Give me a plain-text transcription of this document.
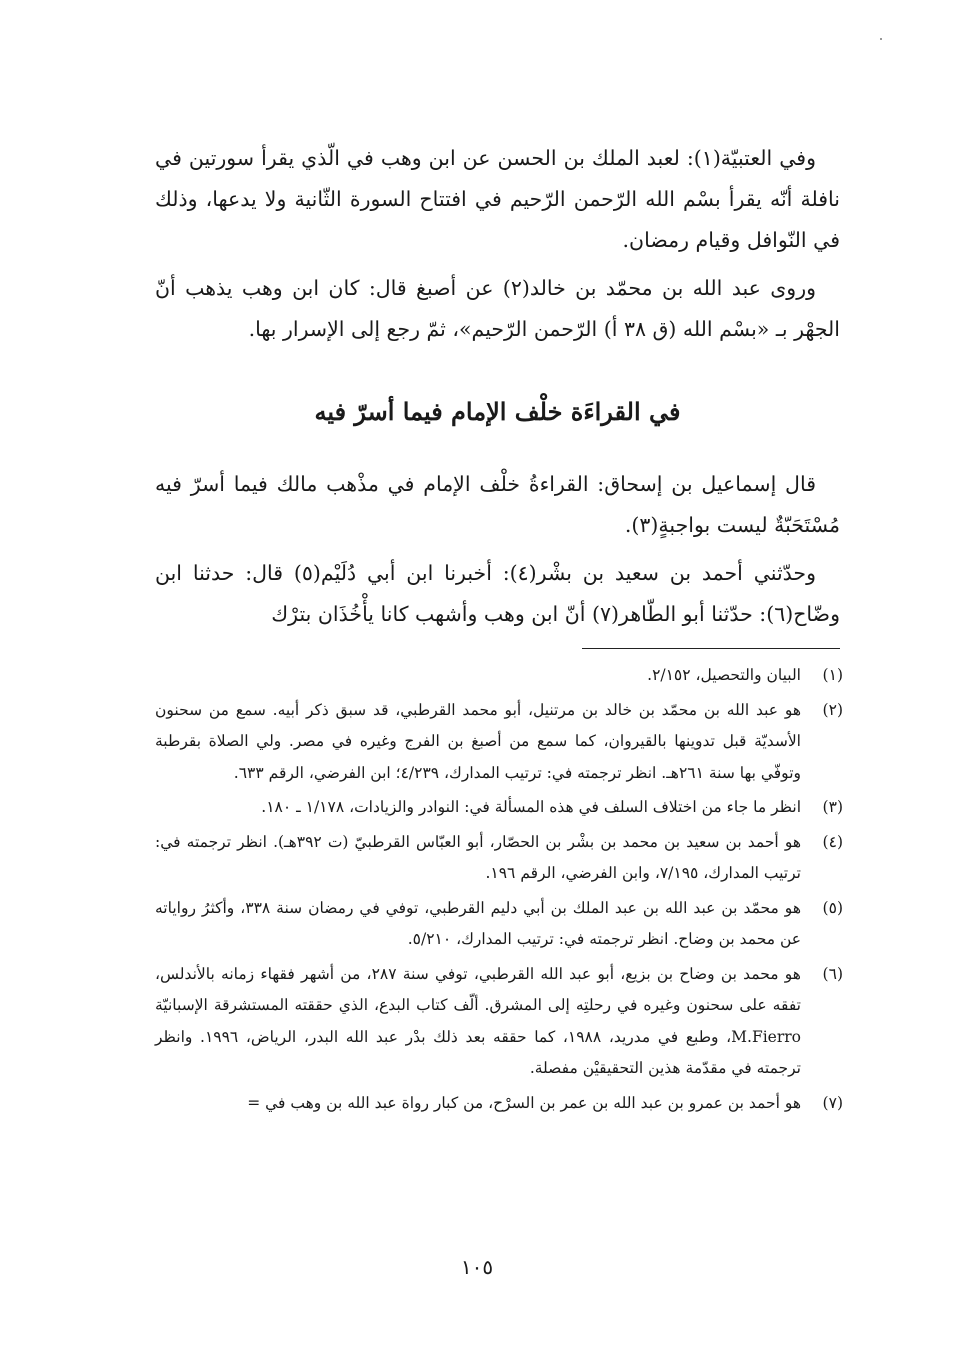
وفي العتبيّة(١): لعبد الملك بن الحسن عن ابن وهب في الّذي يقرأ سورتين في نافلة أنّه يقرأ بسْم الله الرّحمن الرّحيم في افتتاح السورة الثّانية ولا يدعها، وذلك في النّوافل وقيام رمضان.

وروى عبد الله بن محمّد بن خالد(٢) عن أصبغ قال: كان ابن وهب يذهب أنّ الجهْر بـ «بسْم الله (ق ٣٨ أ) الرّحمن الرّحيم»، ثمّ رجع إلى الإسرار بها.

في القراءَة خلْف الإمام فيما أسرّ فيه

قال إسماعيل بن إسحاق: القراءةُ خلْف الإمام في مذْهب مالك فيما أسرّ فيه مُسْتَحَبّةٌ ليست بواجبةٍ(٣).

وحدّثني أحمد بن سعيد بن بشْر(٤): أخبرنا ابن أبي دُلَيْم(٥) قال: حدثنا ابن وضّاح(٦): حدّثنا أبو الطّاهر(٧) أنّ ابن وهب وأشهب كانا يأْخُذَان بترْك

(١)
البيان والتحصيل، ٢/١٥٢.
(٢)
هو عبد الله بن محمّد بن خالد بن مرتنيل، أبو محمد القرطبي، قد سبق ذكر أبيه. سمع من سحنون الأسديّة قبل تدوينها بالقيروان، كما سمع من أصبغ بن الفرج وغيره في مصر. ولي الصلاة بقرطبة وتوفّي بها سنة ٢٦١هـ. انظر ترجمته في: ترتيب المدارك، ٤/٢٣٩؛ ابن الفرضي، الرقم ٦٣٣.
(٣)
انظر ما جاء من اختلاف السلف في هذه المسألة في: النوادر والزيادات، ١/١٧٨ ـ ١٨٠.
(٤)
هو أحمد بن سعيد بن محمد بن بشْر بن الحصّار، أبو العبّاس القرطبيّ (ت ٣٩٢هـ). انظر ترجمته في: ترتيب المدارك، ٧/١٩٥، وابن الفرضي، الرقم ١٩٦.
(٥)
هو محمّد بن عبد الله بن عبد الملك بن أبي دليم القرطبي، توفي في رمضان سنة ٣٣٨، وأكثرُ رواياته عن محمد بن وضاح. انظر ترجمته في: ترتيب المدارك، ٥/٢١٠.
(٦)
هو محمد بن وضاح بن بزيع، أبو عبد الله القرطبي، توفي سنة ٢٨٧، من أشهر فقهاء زمانه بالأندلس، تفقه على سحنون وغيره في رحلتِه إلى المشرق. ألّف كتاب البدع، الذي حققته المستشرقة الإسبانيّة M.Fierro، وطبع في مدريد، ١٩٨٨، كما حققه بعد ذلك بدْر عبد الله البدر، الرياض، ١٩٩٦. وانظر ترجمته في مقدّمة هذين التحقيقيْن مفصلة.
(٧)
هو أحمد بن عمرو بن عبد الله بن عمر بن السرْح، من كبار رواة عبد الله بن وهب في =
١٠٥
